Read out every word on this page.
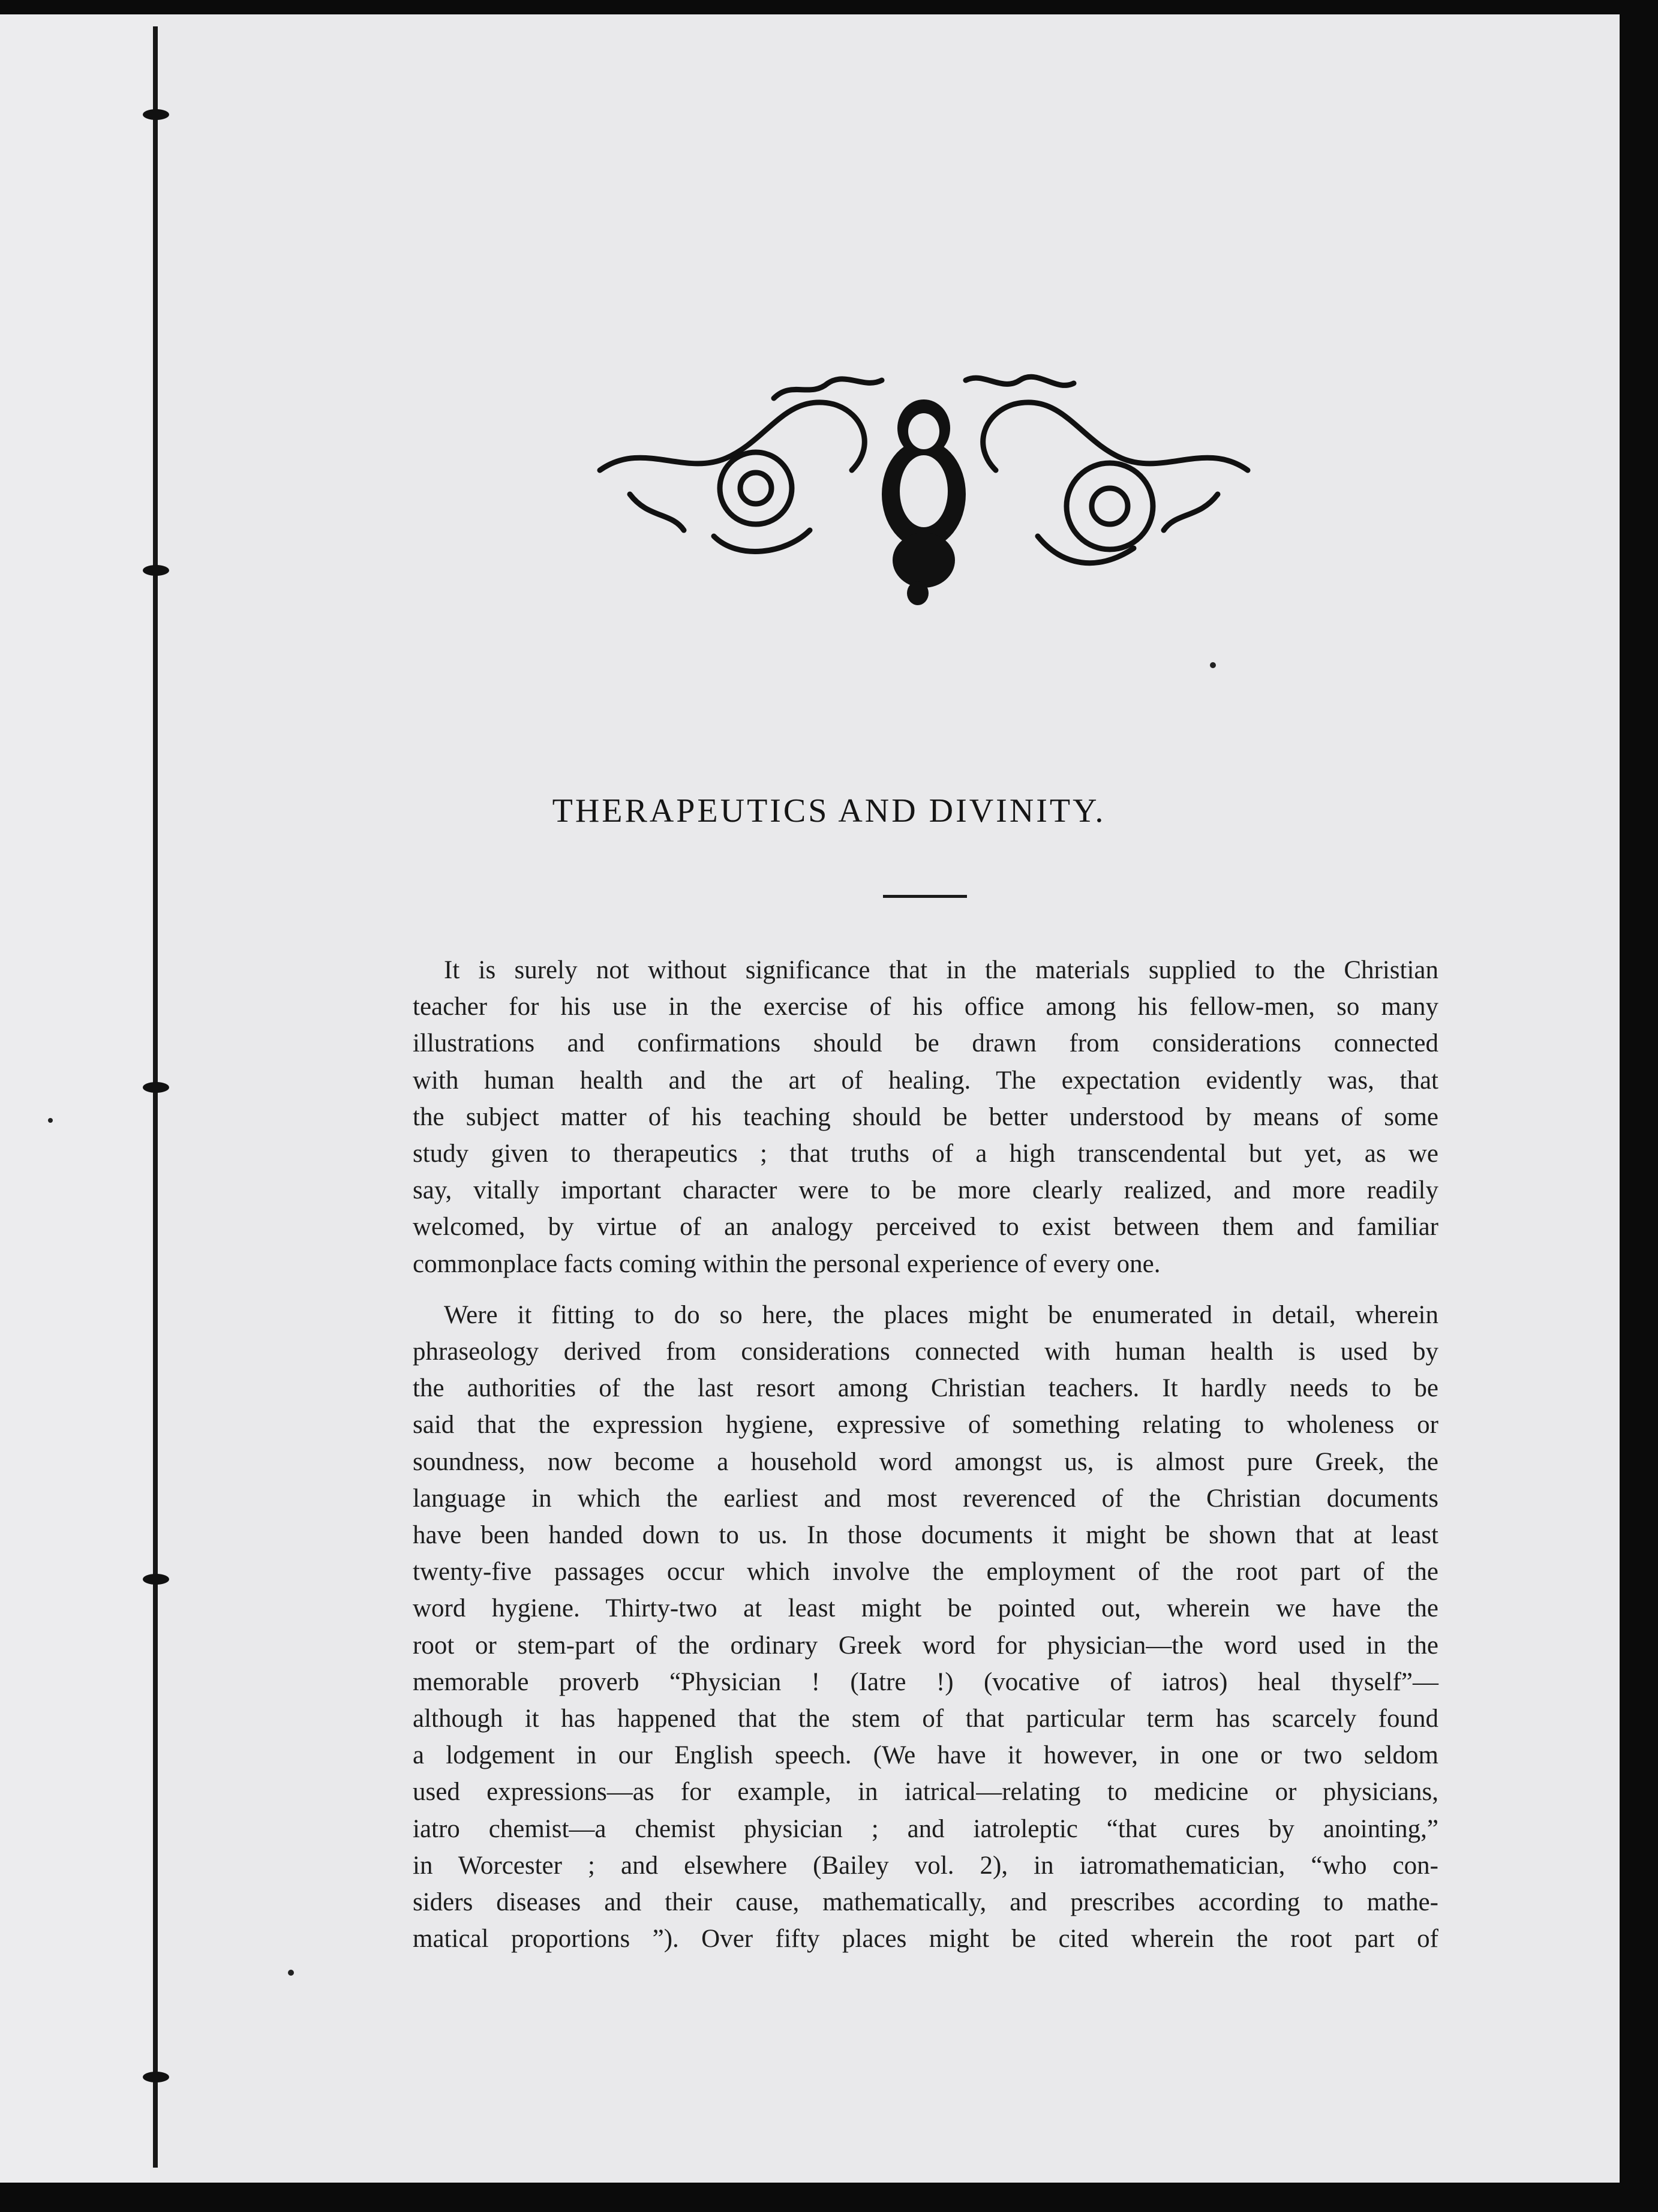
THERAPEUTICS AND DIVINITY.
It is surely not without significance that in the materials supplied to the Christian
teacher for his use in the exercise of his office among his fellow-men, so many
illustrations and confirmations should be drawn from considerations connected
with human health and the art of healing. The expectation evidently was, that
the subject matter of his teaching should be better understood by means of some
study given to therapeutics ; that truths of a high transcendental but yet, as we
say, vitally important character were to be more clearly realized, and more readily
welcomed, by virtue of an analogy perceived to exist between them and familiar
commonplace facts coming within the personal experience of every one.
Were it fitting to do so here, the places might be enumerated in detail, wherein
phraseology derived from considerations connected with human health is used by
the authorities of the last resort among Christian teachers. It hardly needs to be
said that the expression hygiene, expressive of something relating to wholeness or
soundness, now become a household word amongst us, is almost pure Greek, the
language in which the earliest and most reverenced of the Christian documents
have been handed down to us. In those documents it might be shown that at least
twenty-five passages occur which involve the employment of the root part of the
word hygiene. Thirty-two at least might be pointed out, wherein we have the
root or stem-part of the ordinary Greek word for physician—the word used in the
memorable proverb “Physician ! (Iatre !) (vocative of iatros) heal thyself”—
although it has happened that the stem of that particular term has scarcely found
a lodgement in our English speech. (We have it however, in one or two seldom
used expressions—as for example, in iatrical—relating to medicine or physicians,
iatro chemist—a chemist physician ; and iatroleptic “that cures by anointing,”
in Worcester ; and elsewhere (Bailey vol. 2), in iatromathematician, “who con-
siders diseases and their cause, mathematically, and prescribes according to mathe-
matical proportions ”). Over fifty places might be cited wherein the root part of
